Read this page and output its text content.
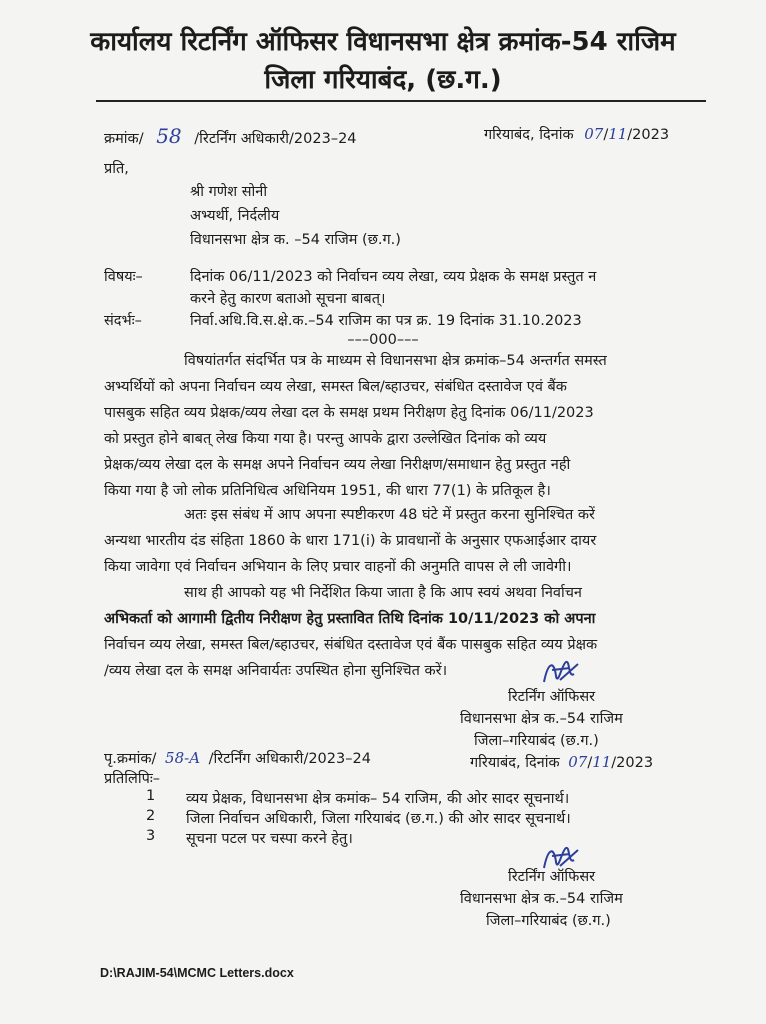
कार्यालय रिटर्निंग ऑफिसर विधानसभा क्षेत्र क्रमांक-54 राजिम
जिला गरियाबंद, (छ.ग.)
क्रमांक/ 58 /रिटर्निंग अधिकारी/2023–24	गरियाबंद, दिनांक 07/11/2023
प्रति,
श्री गणेश सोनी
अभ्यर्थी, निर्दलीय
विधानसभा क्षेत्र क. –54 राजिम (छ.ग.)
विषयः–	दिनांक 06/11/2023 को निर्वाचन व्यय लेखा, व्यय प्रेक्षक के समक्ष प्रस्तुत न
करने हेतु कारण बताओ सूचना बाबत्।
संदर्भः–	निर्वा.अधि.वि.स.क्षे.क.–54 राजिम का पत्र क्र. 19 दिनांक 31.10.2023
–––000–––
विषयांतर्गत संदर्भित पत्र के माध्यम से विधानसभा क्षेत्र क्रमांक–54 अन्तर्गत समस्त
अभ्यर्थियों को अपना निर्वाचन व्यय लेखा, समस्त बिल/ब्हाउचर, संबंधित दस्तावेज एवं बैंक
पासबुक सहित व्यय प्रेक्षक/व्यय लेखा दल के समक्ष प्रथम निरीक्षण हेतु दिनांक 06/11/2023
को प्रस्तुत होने बाबत् लेख किया गया है। परन्तु आपके द्वारा उल्लेखित दिनांक को व्यय
प्रेक्षक/व्यय लेखा दल के समक्ष अपने निर्वाचन व्यय लेखा निरीक्षण/समाधान हेतु प्रस्तुत नही
किया गया है जो लोक प्रतिनिधित्व अधिनियम 1951, की धारा 77(1) के प्रतिकूल है।
अतः इस संबंध में आप अपना स्पष्टीकरण 48 घंटे में प्रस्तुत करना सुनिश्चित करें
अन्यथा भारतीय दंड संहिता 1860 के धारा 171(i) के प्रावधानों के अनुसार एफआईआर दायर
किया जावेगा एवं निर्वाचन अभियान के लिए प्रचार वाहनों की अनुमति वापस ले ली जावेगी।
साथ ही आपको यह भी निर्देशित किया जाता है कि आप स्वयं अथवा निर्वाचन
अभिकर्ता को आगामी द्वितीय निरीक्षण हेतु प्रस्तावित तिथि दिनांक 10/11/2023 को अपना
निर्वाचन व्यय लेखा, समस्त बिल/ब्हाउचर, संबंधित दस्तावेज एवं बैंक पासबुक सहित व्यय प्रेक्षक
/व्यय लेखा दल के समक्ष अनिवार्यतः उपस्थित होना सुनिश्चित करें।
रिटर्निंग ऑफिसर
विधानसभा क्षेत्र क.–54 राजिम
जिला–गरियाबंद (छ.ग.)
गरियाबंद, दिनांक 07/11/2023
पृ.क्रमांक/ 58-A /रिटर्निंग अधिकारी/2023–24
प्रतिलिपिः–
1 व्यय प्रेक्षक, विधानसभा क्षेत्र कमांक– 54 राजिम, की ओर सादर सूचनार्थ।
2 जिला निर्वाचन अधिकारी, जिला गरियाबंद (छ.ग.) की ओर सादर सूचनार्थ।
3 सूचना पटल पर चस्पा करने हेतु।
रिटर्निंग ऑफिसर
विधानसभा क्षेत्र क.–54 राजिम
जिला–गरियाबंद (छ.ग.)
D:\RAJIM-54\MCMC Letters.docx
